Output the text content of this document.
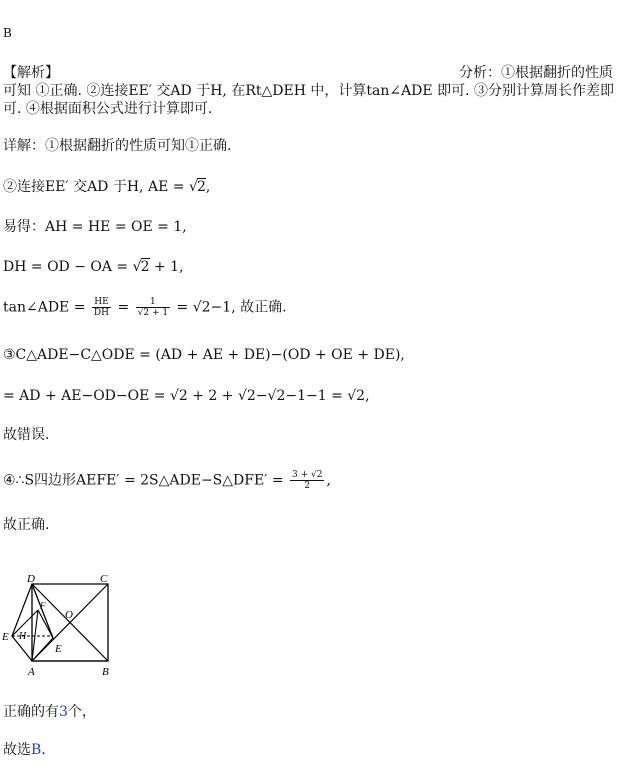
B
【解析】	分析：①根据翻折的性质
可知 ①正确. ②连接EE′ 交AD 于H, 在Rt△DEH 中，计算tan∠ADE 即可. ③分别计算周长作差即
可. ④根据面积公式进行计算即可.
详解：①根据翻折的性质可知①正确.
②连接EE′ 交AD 于H, AE = √ 2,
易得：AH = HE = OE = 1,
DH = OD − OA = √ 2 + 1,
tan∠ADE = $\frac{HE}{DH} = \frac{1}{√2 + 1} = √2-1$, 故正确.
③C△ADE−C△ODE = (AD + AE + DE)−(OD + OE + DE),
= AD + AE−OD−OE = √2 + 2 + √2−√2−1−1 = √2,
故错误.
④∴S四边形AEFE′ = 2S△ADE−S△DFE′ = $\frac{3 + √2}{2}$ ,
故正确.
D	C
A	B
O
E
E H
F
正确的有3个，
故选B.
